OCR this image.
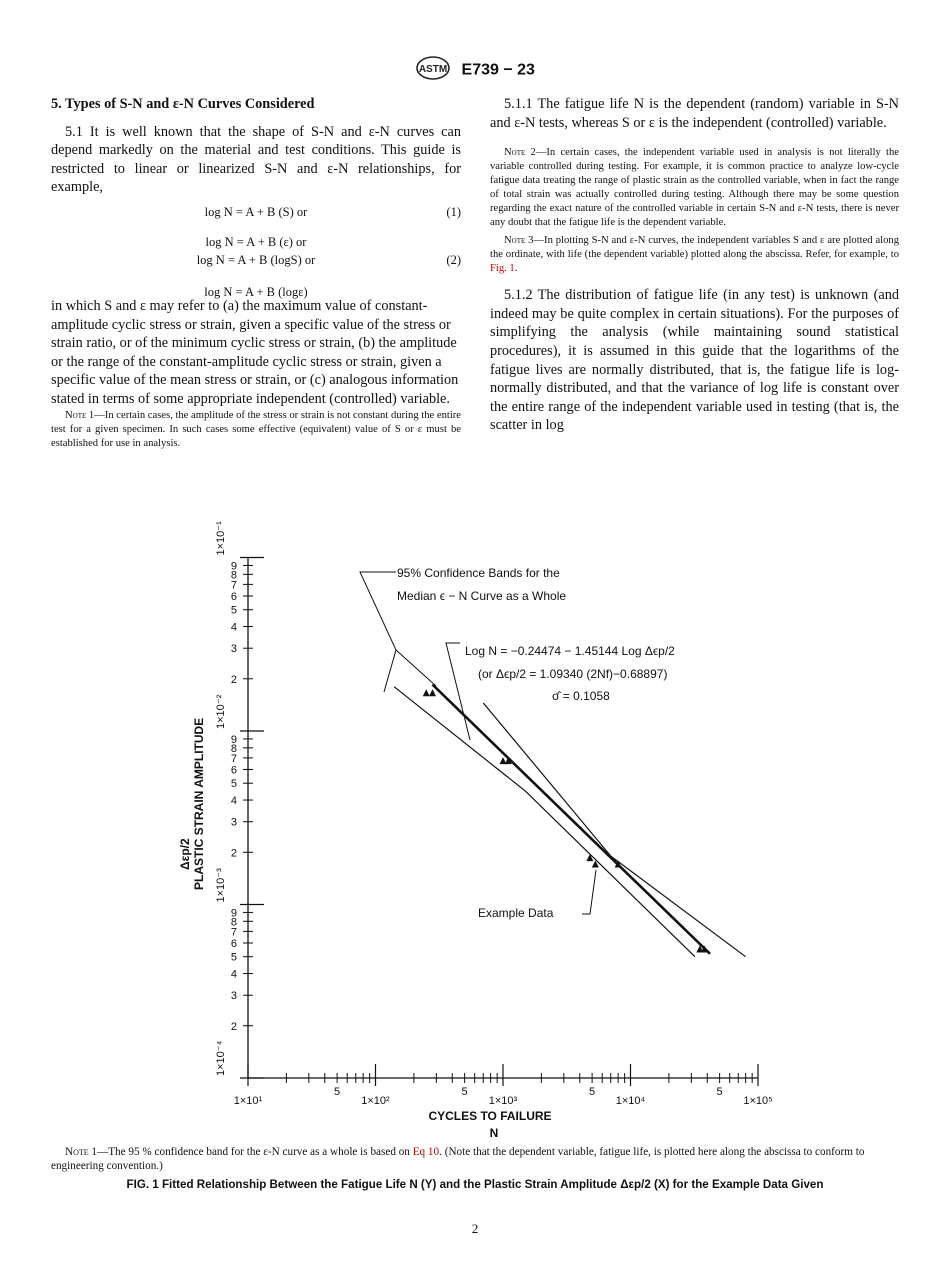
ASTM E739 − 23

5. Types of S-N and ε-N Curves Considered

5.1 It is well known that the shape of S-N and ε-N curves can depend markedly on the material and test conditions. This guide is restricted to linear or linearized S-N and ε-N relationships, for example,

log N = A + B (S) or	(1)
log N = A + B (ε) or
log N = A + B (logS) or	(2)
log N = A + B (logε)

in which S and ε may refer to (a) the maximum value of constant-amplitude cyclic stress or strain, given a specific value of the stress or strain ratio, or of the minimum cyclic stress or strain, (b) the amplitude or the range of the constant-amplitude cyclic stress or strain, given a specific value of the mean stress or strain, or (c) analogous information stated in terms of some appropriate independent (controlled) variable.

Note 1—In certain cases, the amplitude of the stress or strain is not constant during the entire test for a given specimen. In such cases some effective (equivalent) value of S or ε must be established for use in analysis.

5.1.1 The fatigue life N is the dependent (random) variable in S-N and ε-N tests, whereas S or ε is the independent (controlled) variable.

Note 2—In certain cases, the independent variable used in analysis is not literally the variable controlled during testing. For example, it is common practice to analyze low-cycle fatigue data treating the range of plastic strain as the controlled variable, when in fact the range of total strain was actually controlled during testing. Although there may be some question regarding the exact nature of the controlled variable in certain S-N and ε-N tests, there is never any doubt that the fatigue life is the dependent variable.

Note 3—In plotting S-N and ε-N curves, the independent variables S and ε are plotted along the ordinate, with life (the dependent variable) plotted along the abscissa. Refer, for example, to Fig. 1.

5.1.2 The distribution of fatigue life (in any test) is unknown (and indeed may be quite complex in certain situations). For the purposes of simplifying the analysis (while maintaining sound statistical procedures), it is assumed in this guide that the logarithms of the fatigue lives are normally distributed, that is, the fatigue life is log-normally distributed, and that the variance of log life is constant over the entire range of the independent variable used in testing (that is, the scatter in log

1×10¹
5
1×10²
5
1×10³
5
1×10⁴
5
1×10⁵
1×10⁻⁴
2
3
4
5
6
7
8
9
1×10⁻³
2
3
4
5
6
7
8
9
1×10⁻²
2
3
4
5
6
7
8
9
1×10⁻¹
95% Confidence Bands for the
Median ϵ − N Curve as a Whole
Log N = −0.24474 − 1.45144 Log Δϵp/2
(or Δϵp/2 = 1.09340 (2Nf)−0.68897)
σ̂ = 0.1058
Example Data
CYCLES TO FAILURE
N
PLASTIC STRAIN AMPLITUDE
Δεp/2
Note 1—The 95 % confidence band for the ε-N curve as a whole is based on Eq 10. (Note that the dependent variable, fatigue life, is plotted here along the abscissa to conform to engineering convention.)
FIG. 1 Fitted Relationship Between the Fatigue Life N (Y) and the Plastic Strain Amplitude Δεp/2 (X) for the Example Data Given
2
